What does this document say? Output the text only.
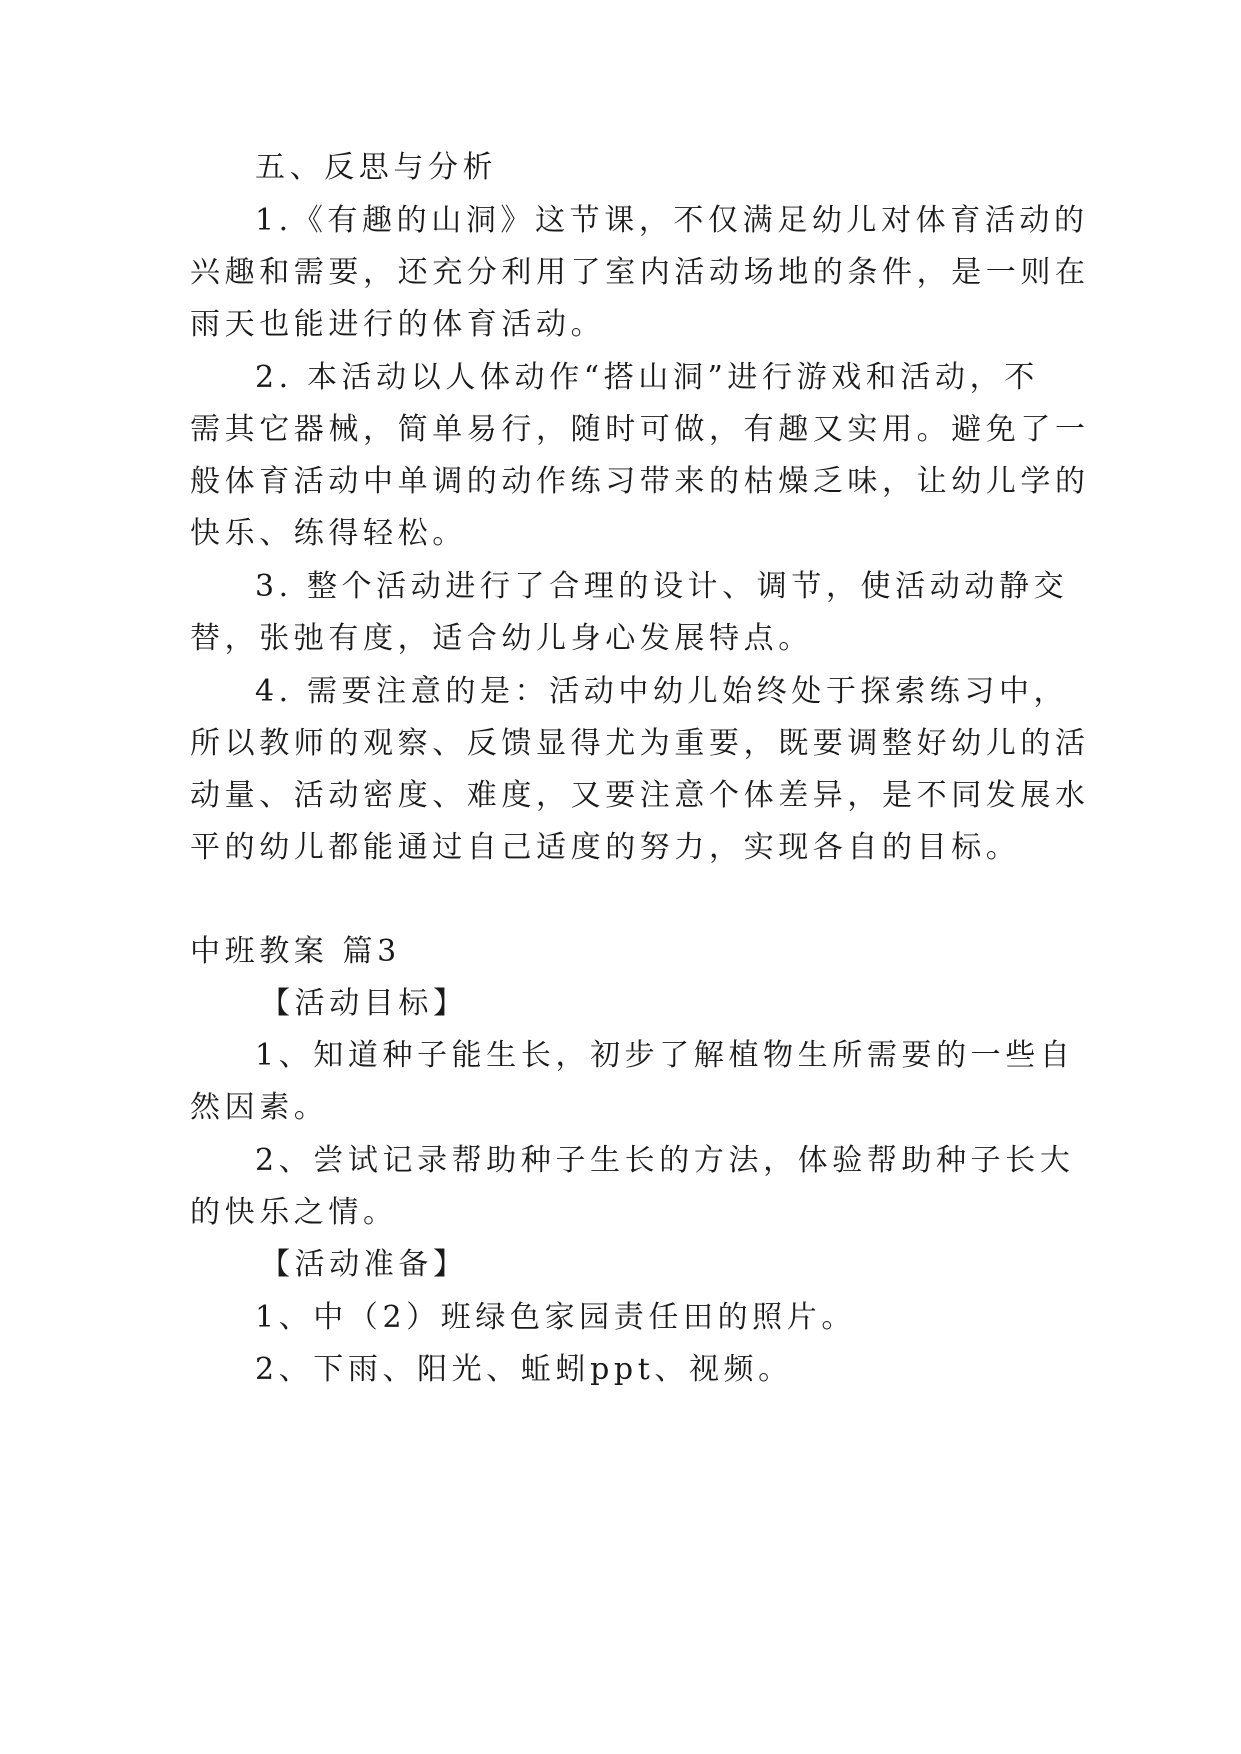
五、反思与分析
1.《有趣的山洞》这节课，不仅满足幼儿对体育活动的
兴趣和需要，还充分利用了室内活动场地的条件，是一则在
雨天也能进行的体育活动。
2. 本活动以人体动作“搭山洞”进行游戏和活动，不
需其它器械，简单易行，随时可做，有趣又实用。避免了一
般体育活动中单调的动作练习带来的枯燥乏味，让幼儿学的
快乐、练得轻松。
3. 整个活动进行了合理的设计、调节，使活动动静交
替，张弛有度，适合幼儿身心发展特点。
4. 需要注意的是：活动中幼儿始终处于探索练习中，
所以教师的观察、反馈显得尤为重要，既要调整好幼儿的活
动量、活动密度、难度，又要注意个体差异，是不同发展水
平的幼儿都能通过自己适度的努力，实现各自的目标。
中班教案 篇3
【活动目标】
1、知道种子能生长，初步了解植物生所需要的一些自
然因素。
2、尝试记录帮助种子生长的方法，体验帮助种子长大
的快乐之情。
【活动准备】
1、中（2）班绿色家园责任田的照片。
2、下雨、阳光、蚯蚓ppt、视频。
